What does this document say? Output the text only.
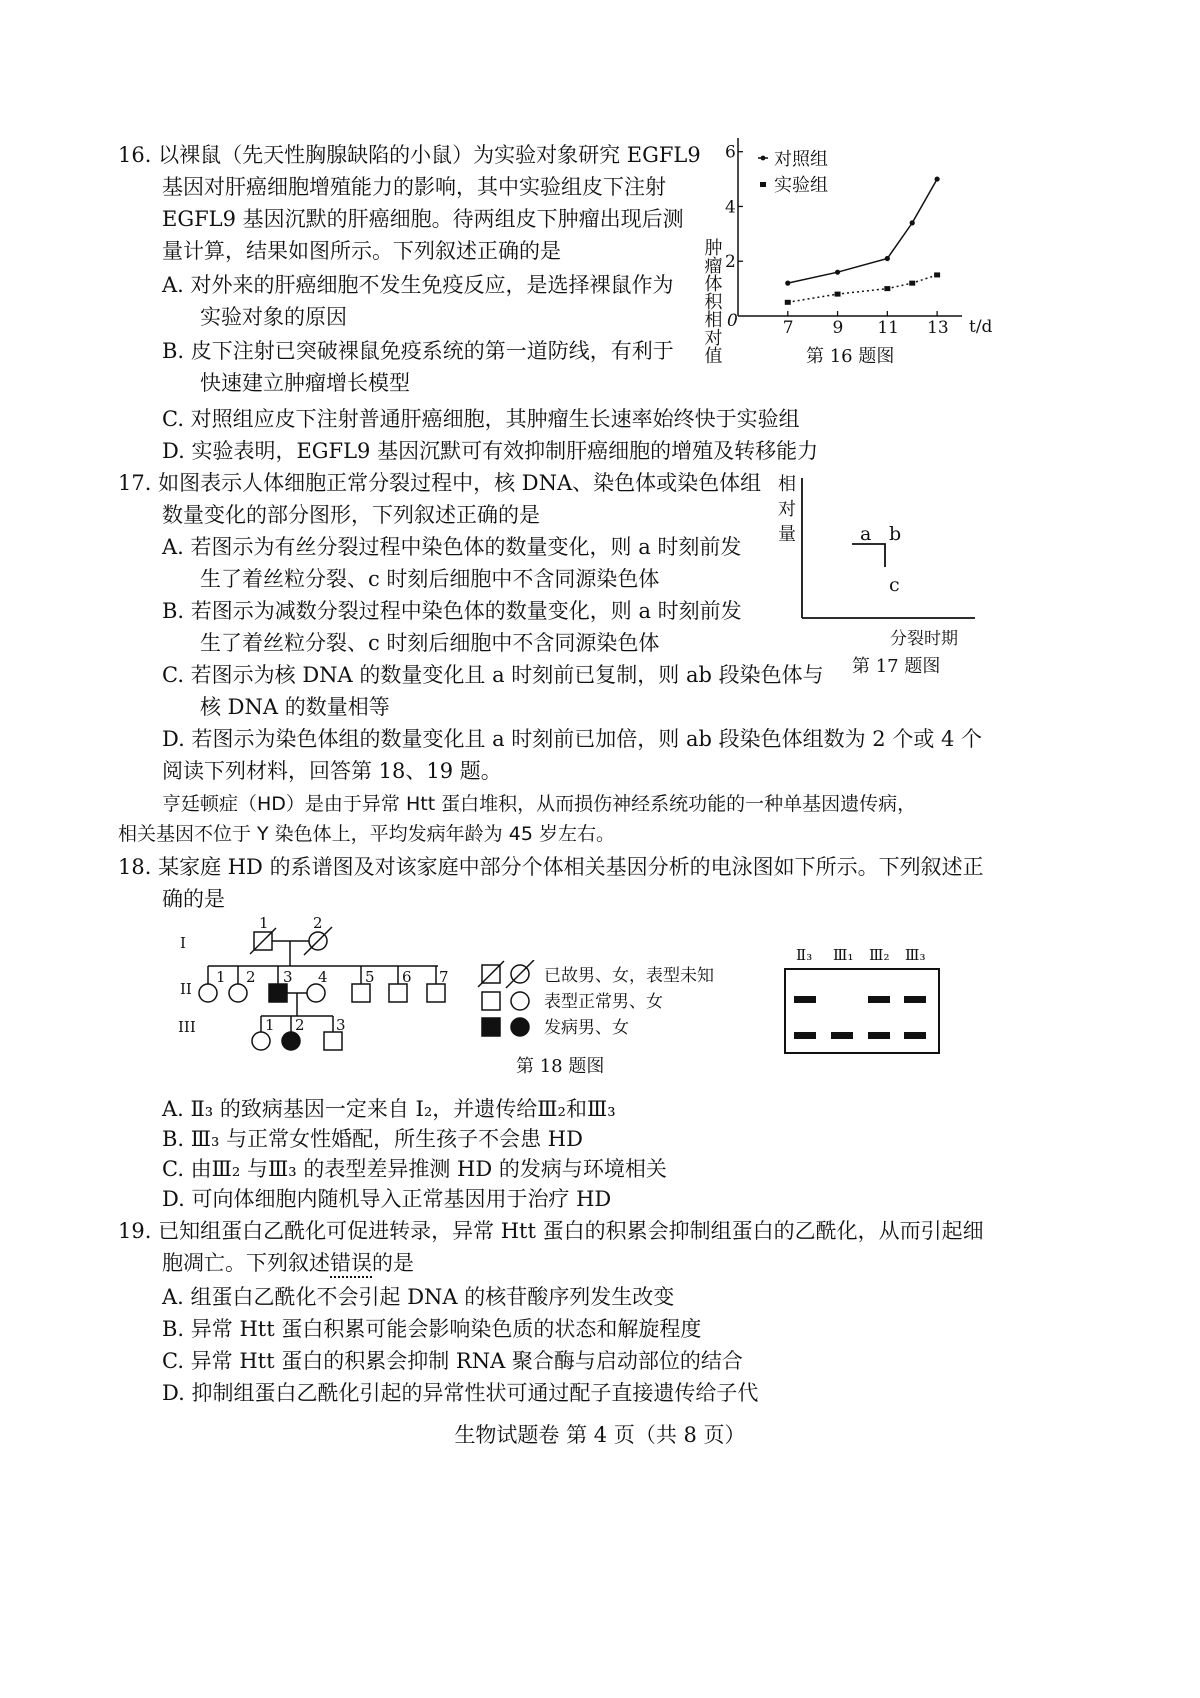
16. 以裸鼠（先天性胸腺缺陷的小鼠）为实验对象研究 EGFL9
基因对肝癌细胞增殖能力的影响，其中实验组皮下注射
EGFL9 基因沉默的肝癌细胞。待两组皮下肿瘤出现后测
量计算，结果如图所示。下列叙述正确的是
A. 对外来的肝癌细胞不发生免疫反应，是选择裸鼠作为
实验对象的原因
B. 皮下注射已突破裸鼠免疫系统的第一道防线，有利于
快速建立肿瘤增长模型
C. 对照组应皮下注射普通肝癌细胞，其肿瘤生长速率始终快于实验组
D. 实验表明，EGFL9 基因沉默可有效抑制肝癌细胞的增殖及转移能力
2
4
6
7 9 11 13
肿瘤体积相对值	t/d
0
对照组
实验组
第 16 题图
17. 如图表示人体细胞正常分裂过程中，核 DNA、染色体或染色体组
数量变化的部分图形，下列叙述正确的是
A. 若图示为有丝分裂过程中染色体的数量变化，则 a 时刻前发
生了着丝粒分裂、c 时刻后细胞中不含同源染色体
B. 若图示为减数分裂过程中染色体的数量变化，则 a 时刻前发
生了着丝粒分裂、c 时刻后细胞中不含同源染色体
C. 若图示为核 DNA 的数量变化且 a 时刻前已复制，则 ab 段染色体与
核 DNA 的数量相等
D. 若图示为染色体组的数量变化且 a 时刻前已加倍，则 ab 段染色体组数为 2 个或 4 个
相
对
量	a b
c
分裂时期
第 17 题图
阅读下列材料，回答第 18、19 题。
亨廷顿症（HD）是由于异常 Htt 蛋白堆积，从而损伤神经系统功能的一种单基因遗传病，
相关基因不位于 Y 染色体上，平均发病年龄为 45 岁左右。
18. 某家庭 HD 的系谱图及对该家庭中部分个体相关基因分析的电泳图如下所示。下列叙述正
确的是
I
II
III
1	2
1 2 3 4 5 6 7
1 2 3
已故男、女，表型未知
表型正常男、女
发病男、女
第 18 题图
Ⅱ₃ Ⅲ₁ Ⅲ₂ Ⅲ₃
A. Ⅱ₃ 的致病基因一定来自 I₂，并遗传给Ⅲ₂和Ⅲ₃
B. Ⅲ₃ 与正常女性婚配，所生孩子不会患 HD
C. 由Ⅲ₂ 与Ⅲ₃ 的表型差异推测 HD 的发病与环境相关
D. 可向体细胞内随机导入正常基因用于治疗 HD
19. 已知组蛋白乙酰化可促进转录，异常 Htt 蛋白的积累会抑制组蛋白的乙酰化，从而引起细
胞凋亡。下列叙述错误的是
A. 组蛋白乙酰化不会引起 DNA 的核苷酸序列发生改变
B. 异常 Htt 蛋白积累可能会影响染色质的状态和解旋程度
C. 异常 Htt 蛋白的积累会抑制 RNA 聚合酶与启动部位的结合
D. 抑制组蛋白乙酰化引起的异常性状可通过配子直接遗传给子代
生物试题卷 第 4 页（共 8 页）
